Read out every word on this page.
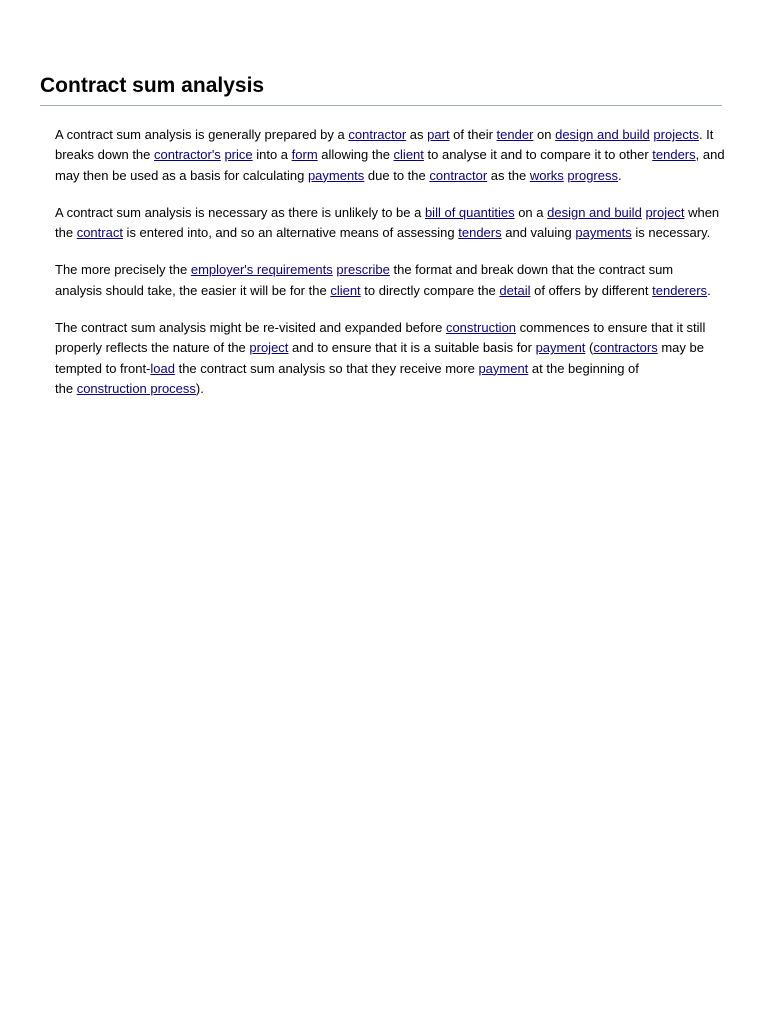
Contract sum analysis

A contract sum analysis is generally prepared by a contractor as part of their tender on design and build projects. It
breaks down the contractor's price into a form allowing the client to analyse it and to compare it to other tenders, and
may then be used as a basis for calculating payments due to the contractor as the works progress.

A contract sum analysis is necessary as there is unlikely to be a bill of quantities on a design and build project when
the contract is entered into, and so an alternative means of assessing tenders and valuing payments is necessary.

The more precisely the employer's requirements prescribe the format and break down that the contract sum
analysis should take, the easier it will be for the client to directly compare the detail of offers by different tenderers.

The contract sum analysis might be re-visited and expanded before construction commences to ensure that it still
properly reflects the nature of the project and to ensure that it is a suitable basis for payment (contractors may be
tempted to front-load the contract sum analysis so that they receive more payment at the beginning of
the construction process).
